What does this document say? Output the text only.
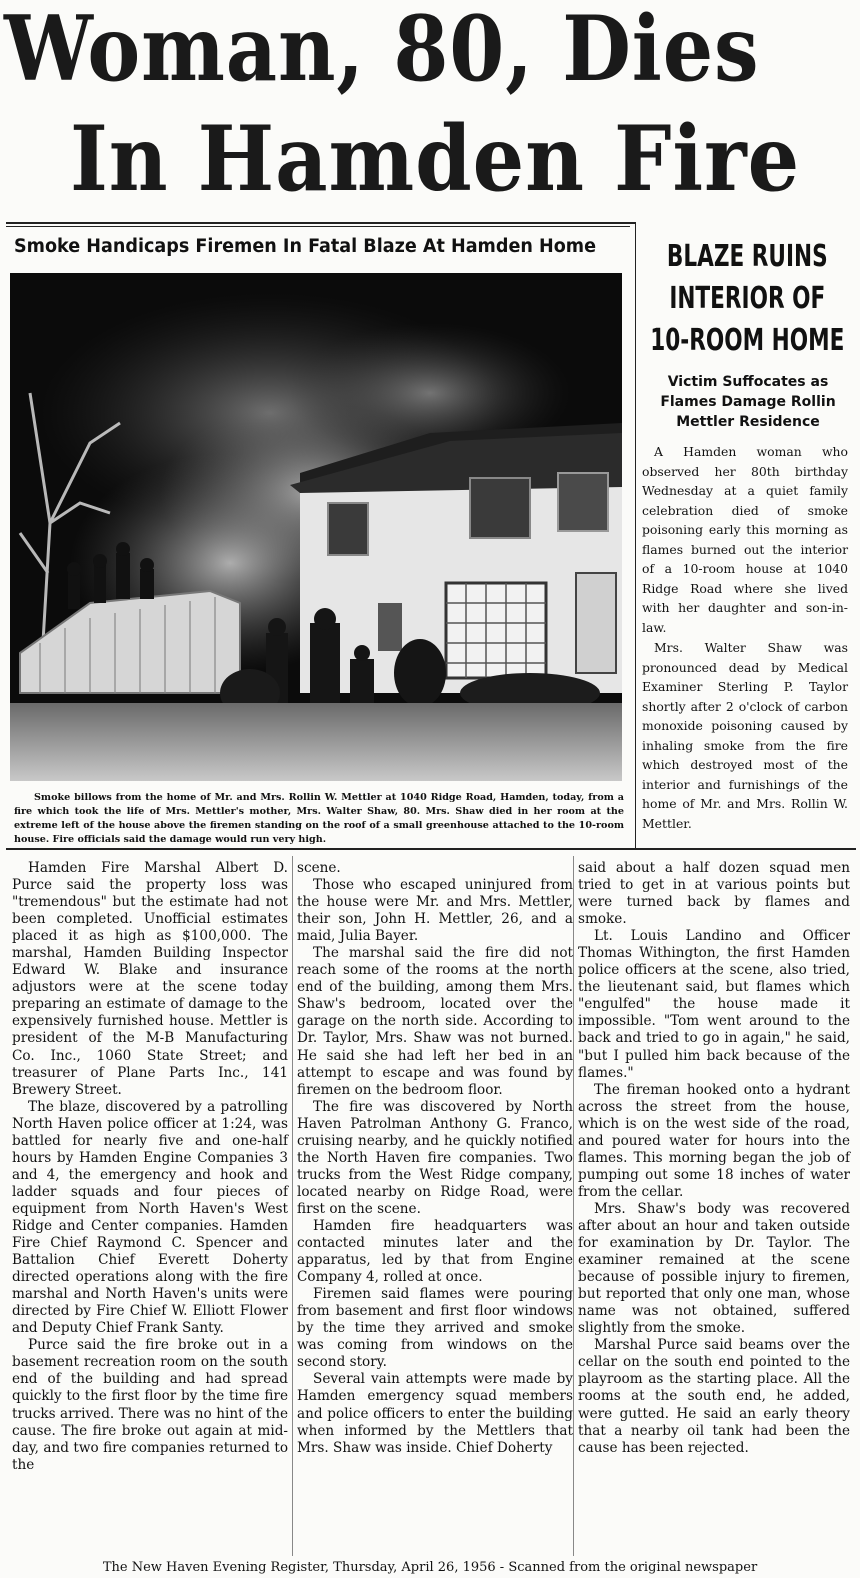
Woman, 80, Dies
In Hamden Fire
Smoke Handicaps Firemen In Fatal Blaze At Hamden Home
Smoke billows from the home of Mr. and Mrs. Rollin W. Mettler at 1040 Ridge Road, Hamden, today, from a fire which took the life of Mrs. Mettler's mother, Mrs. Walter Shaw, 80. Mrs. Shaw died in her room at the extreme left of the house above the firemen standing on the roof of a small greenhouse attached to the 10-room house. Fire officials said the damage would run very high.
BLAZE RUINS
INTERIOR OF
10-ROOM HOME
Victim Suffocates as Flames Damage Rollin Mettler Residence

A Hamden woman who observed her 80th birthday Wednesday at a quiet family celebration died of smoke poisoning early this morning as flames burned out the interior of a 10-room house at 1040 Ridge Road where she lived with her daughter and son-in-law.

Mrs. Walter Shaw was pronounced dead by Medical Examiner Sterling P. Taylor shortly after 2 o'clock of carbon monoxide poisoning caused by inhaling smoke from the fire which destroyed most of the interior and furnishings of the home of Mr. and Mrs. Rollin W. Mettler.

Hamden Fire Marshal Albert D. Purce said the property loss was "tremendous" but the estimate had not been completed. Unofficial estimates placed it as high as $100,000. The marshal, Hamden Building Inspector Edward W. Blake and insurance adjustors were at the scene today preparing an estimate of damage to the expensively furnished house. Mettler is president of the M-B Manufacturing Co. Inc., 1060 State Street; and treasurer of Plane Parts Inc., 141 Brewery Street.

The blaze, discovered by a patrolling North Haven police officer at 1:24, was battled for nearly five and one-half hours by Hamden Engine Companies 3 and 4, the emergency and hook and ladder squads and four pieces of equipment from North Haven's West Ridge and Center companies. Hamden Fire Chief Raymond C. Spencer and Battalion Chief Everett Doherty directed operations along with the fire marshal and North Haven's units were directed by Fire Chief W. Elliott Flower and Deputy Chief Frank Santy.

Purce said the fire broke out in a basement recreation room on the south end of the building and had spread quickly to the first floor by the time fire trucks arrived. There was no hint of the cause. The fire broke out again at mid-day, and two fire companies returned to the

scene.

Those who escaped uninjured from the house were Mr. and Mrs. Mettler, their son, John H. Mettler, 26, and a maid, Julia Bayer.

The marshal said the fire did not reach some of the rooms at the north end of the building, among them Mrs. Shaw's bedroom, located over the garage on the north side. According to Dr. Taylor, Mrs. Shaw was not burned. He said she had left her bed in an attempt to escape and was found by firemen on the bedroom floor.

The fire was discovered by North Haven Patrolman Anthony G. Franco, cruising nearby, and he quickly notified the North Haven fire companies. Two trucks from the West Ridge company, located nearby on Ridge Road, were first on the scene.

Hamden fire headquarters was contacted minutes later and the apparatus, led by that from Engine Company 4, rolled at once.

Firemen said flames were pouring from basement and first floor windows by the time they arrived and smoke was coming from windows on the second story.

Several vain attempts were made by Hamden emergency squad members and police officers to enter the building when informed by the Mettlers that Mrs. Shaw was inside. Chief Doherty

said about a half dozen squad men tried to get in at various points but were turned back by flames and smoke.

Lt. Louis Landino and Officer Thomas Withington, the first Hamden police officers at the scene, also tried, the lieutenant said, but flames which "engulfed" the house made it impossible. "Tom went around to the back and tried to go in again," he said, "but I pulled him back because of the flames."

The fireman hooked onto a hydrant across the street from the house, which is on the west side of the road, and poured water for hours into the flames. This morning began the job of pumping out some 18 inches of water from the cellar.

Mrs. Shaw's body was recovered after about an hour and taken outside for examination by Dr. Taylor. The examiner remained at the scene because of possible injury to firemen, but reported that only one man, whose name was not obtained, suffered slightly from the smoke.

Marshal Purce said beams over the cellar on the south end pointed to the playroom as the starting place. All the rooms at the south end, he added, were gutted. He said an early theory that a nearby oil tank had been the cause has been rejected.

The New Haven Evening Register, Thursday, April 26, 1956 - Scanned from the original newspaper
